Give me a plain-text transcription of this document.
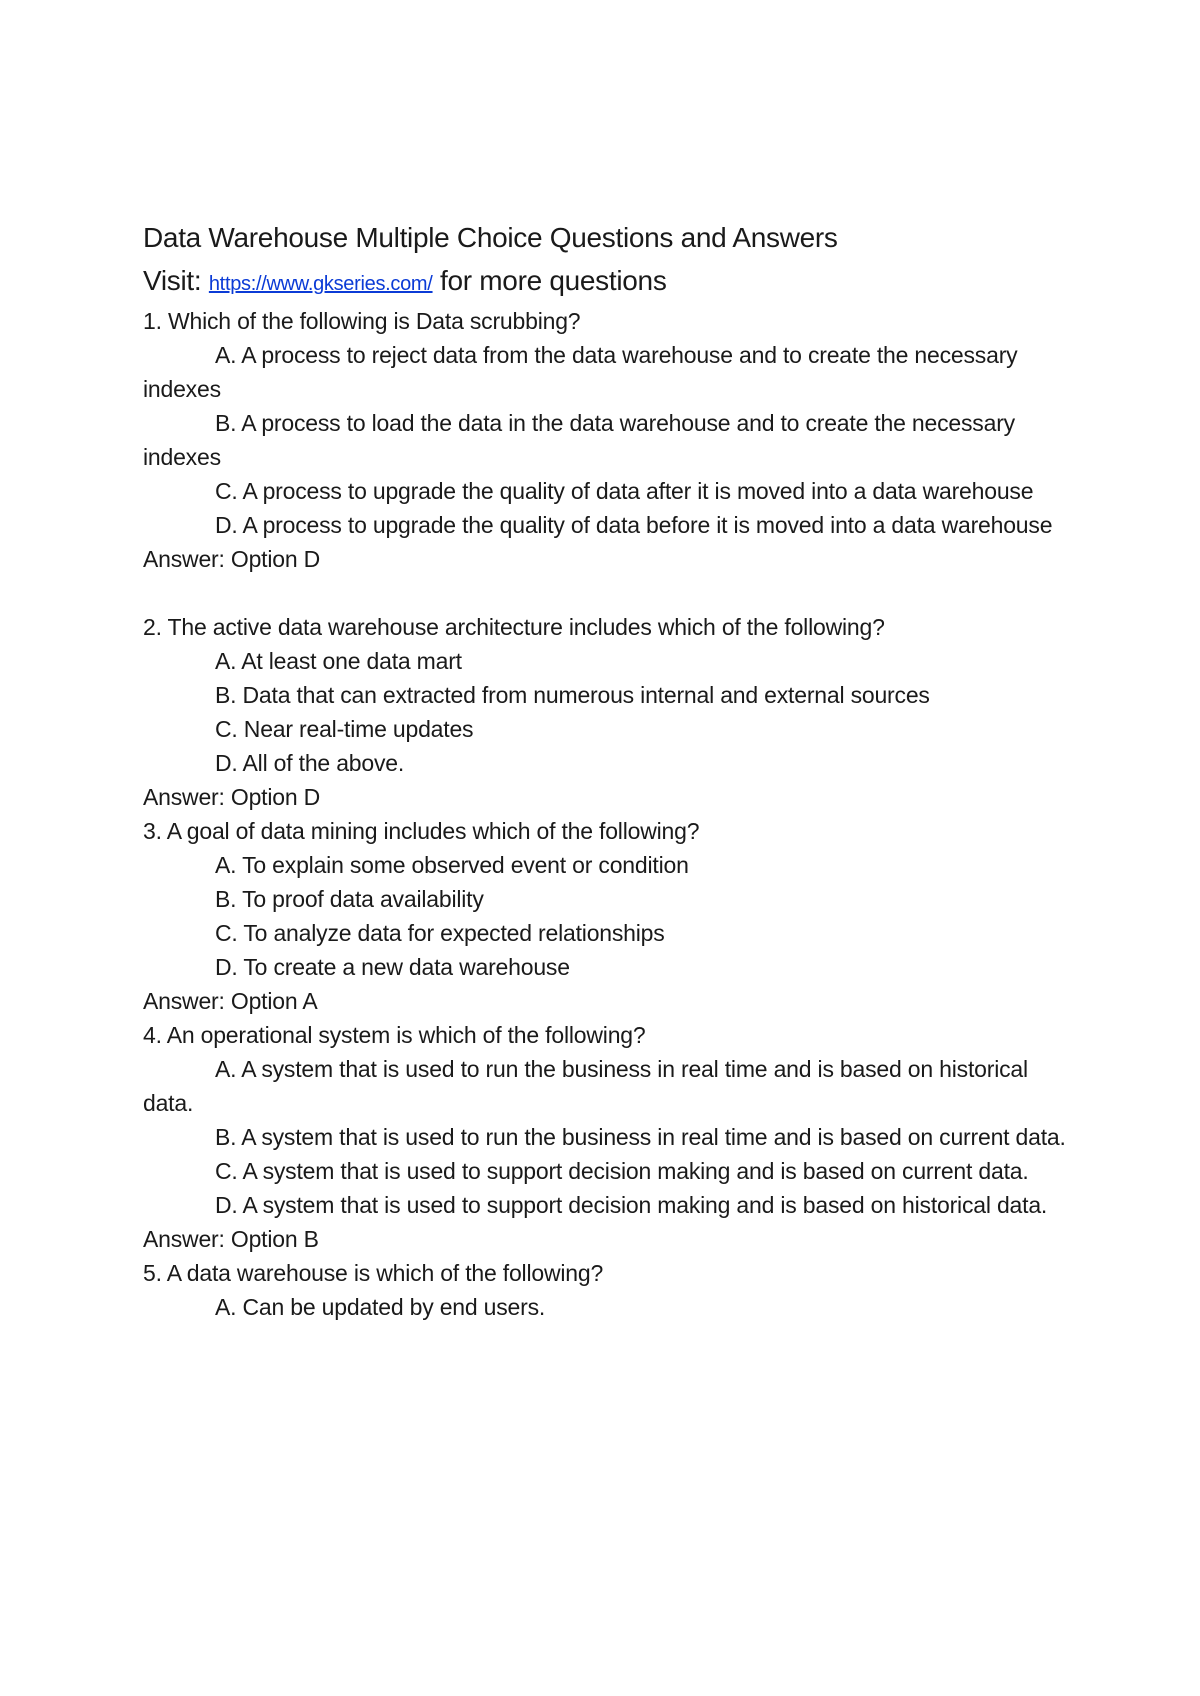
Data Warehouse Multiple Choice Questions and Answers
Visit: https://www.gkseries.com/ for more questions

1. Which of the following is Data scrubbing?

A. A process to reject data from the data warehouse and to create the necessary indexes

B. A process to load the data in the data warehouse and to create the necessary indexes

C. A process to upgrade the quality of data after it is moved into a data warehouse

D. A process to upgrade the quality of data before it is moved into a data warehouse

Answer: Option D

2. The active data warehouse architecture includes which of the following?

A. At least one data mart

B. Data that can extracted from numerous internal and external sources

C. Near real-time updates

D. All of the above.

Answer: Option D

3. A goal of data mining includes which of the following?

A. To explain some observed event or condition

B. To proof data availability

C. To analyze data for expected relationships

D. To create a new data warehouse

Answer: Option A

4. An operational system is which of the following?

A. A system that is used to run the business in real time and is based on historical data.

B. A system that is used to run the business in real time and is based on current data.

C. A system that is used to support decision making and is based on current data.

D. A system that is used to support decision making and is based on historical data.

Answer: Option B

5. A data warehouse is which of the following?

A. Can be updated by end users.
